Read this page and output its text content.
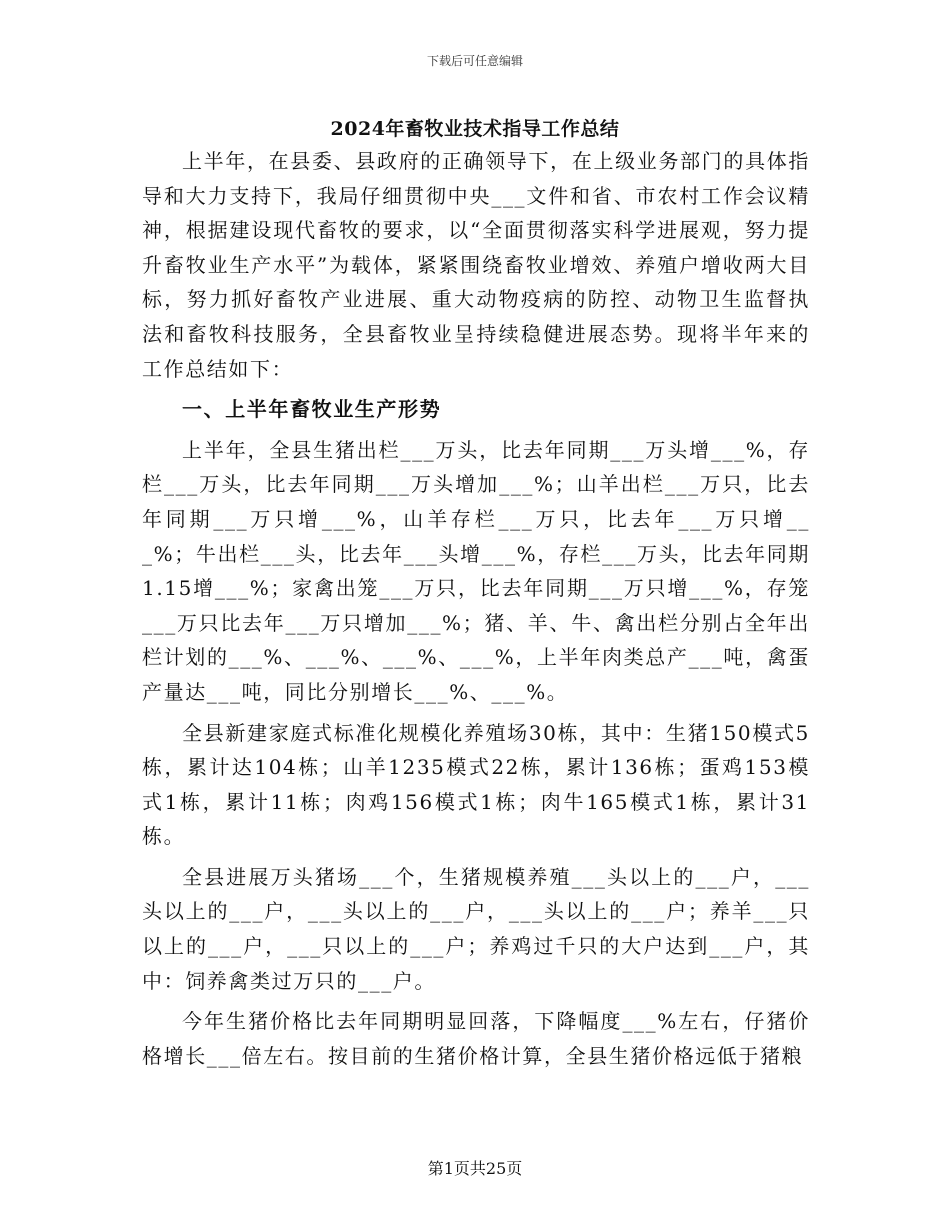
下载后可任意编辑
2024年畜牧业技术指导工作总结

上半年，在县委、县政府的正确领导下，在上级业务部门的具体指导和大力支持下，我局仔细贯彻中央___文件和省、市农村工作会议精神，根据建设现代畜牧的要求，以“全面贯彻落实科学进展观，努力提升畜牧业生产水平”为载体，紧紧围绕畜牧业增效、养殖户增收两大目标，努力抓好畜牧产业进展、重大动物疫病的防控、动物卫生监督执法和畜牧科技服务，全县畜牧业呈持续稳健进展态势。现将半年来的工作总结如下：

一、上半年畜牧业生产形势

上半年，全县生猪出栏___万头，比去年同期___万头增___%，存栏___万头，比去年同期___万头增加___%；山羊出栏___万只，比去年同期___万只增___%，山羊存栏___万只，比去年___万只增___%；牛出栏___头，比去年___头增___%，存栏___万头，比去年同期1.15增___%；家禽出笼___万只，比去年同期___万只增___%，存笼___万只比去年___万只增加___%；猪、羊、牛、禽出栏分别占全年出栏计划的___%、___%、___%、___%，上半年肉类总产___吨，禽蛋产量达___吨，同比分别增长___%、___%。

全县新建家庭式标准化规模化养殖场30栋，其中：生猪150模式5栋，累计达104栋；山羊1235模式22栋，累计136栋；蛋鸡153模式1栋，累计11栋；肉鸡156模式1栋；肉牛165模式1栋，累计31栋。

全县进展万头猪场___个，生猪规模养殖___头以上的___户，___头以上的___户，___头以上的___户，___头以上的___户；养羊___只以上的___户，___只以上的___户；养鸡过千只的大户达到___户，其中：饲养禽类过万只的___户。

今年生猪价格比去年同期明显回落，下降幅度___%左右，仔猪价格增长___倍左右。按目前的生猪价格计算，全县生猪价格远低于猪粮

第1页共25页
